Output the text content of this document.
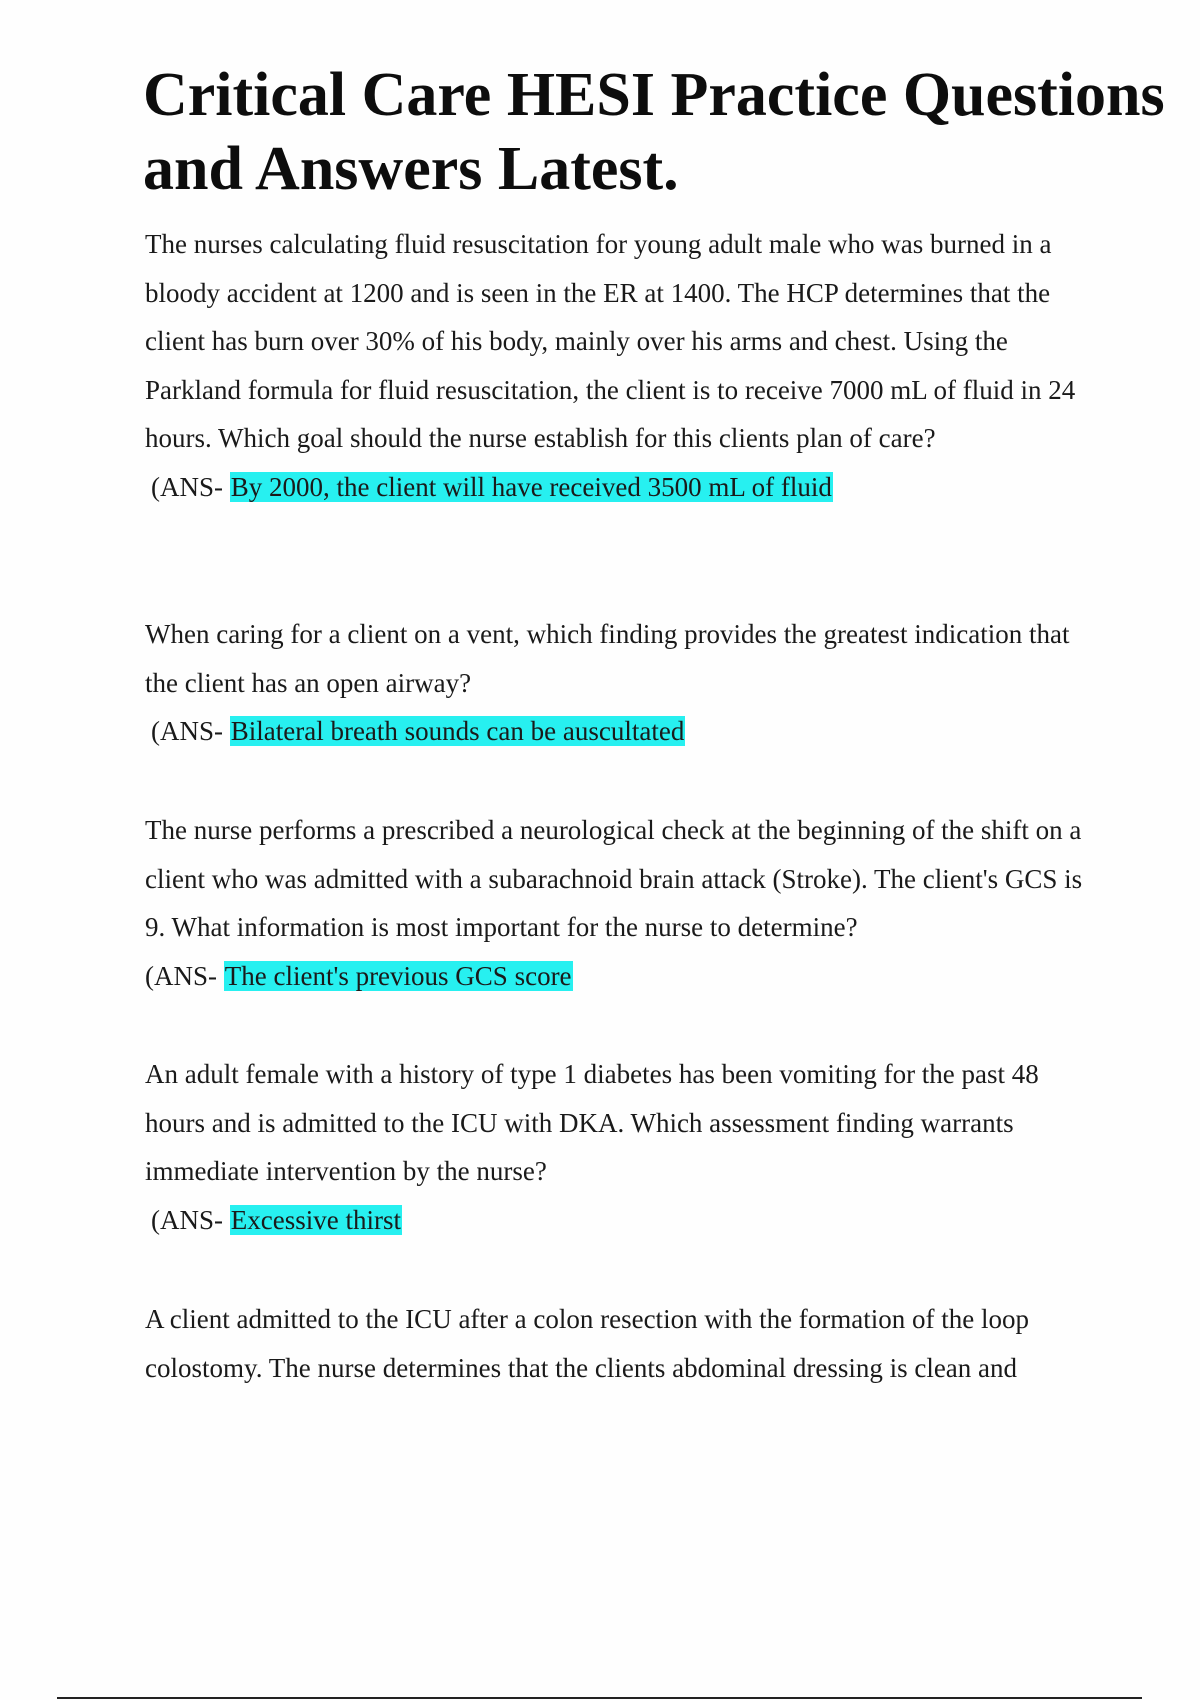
Critical Care HESI Practice Questions
and Answers Latest.

The nurses calculating fluid resuscitation for young adult male who was burned in a bloody accident at 1200 and is seen in the ER at 1400. The HCP determines that the client has burn over 30% of his body, mainly over his arms and chest. Using the Parkland formula for fluid resuscitation, the client is to receive 7000 mL of fluid in 24 hours. Which goal should the nurse establish for this clients plan of care?

(ANS- By 2000, the client will have received 3500 mL of fluid

When caring for a client on a vent, which finding provides the greatest indication that the client has an open airway?

(ANS- Bilateral breath sounds can be auscultated

The nurse performs a prescribed a neurological check at the beginning of the shift on a client who was admitted with a subarachnoid brain attack (Stroke). The client's GCS is 9. What information is most important for the nurse to determine?

(ANS- The client's previous GCS score

An adult female with a history of type 1 diabetes has been vomiting for the past 48 hours and is admitted to the ICU with DKA. Which assessment finding warrants immediate intervention by the nurse?

(ANS- Excessive thirst

A client admitted to the ICU after a colon resection with the formation of the loop colostomy. The nurse determines that the clients abdominal dressing is clean and
